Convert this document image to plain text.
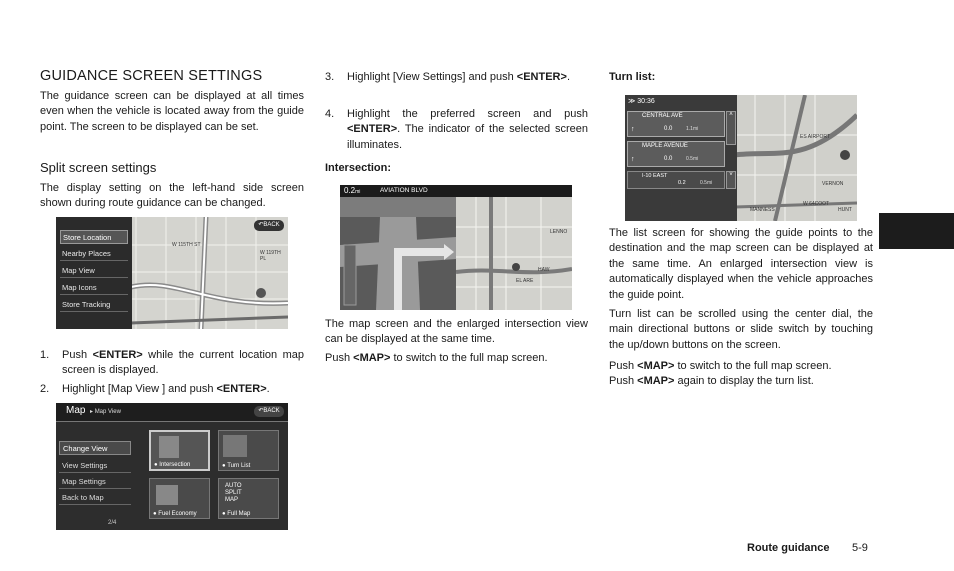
GUIDANCE SCREEN SETTINGS
The guidance screen can be displayed at all times even when the vehicle is located away from the guide point. The screen to be displayed can be set.
Split screen settings
The display setting on the left-hand side screen shown during route guidance can be changed.
Store Location
Nearby Places
Map View
Map Icons
Store Tracking
↶BACK
W 115TH ST
W 119TH PL
1. Push <ENTER> while the current location map screen is displayed.
2. Highlight [Map View ] and push <ENTER>.
Map ▸ Map View	↶BACK
Change View
View Settings
Map Settings
Back to Map
2/4
● Intersection	● Turn List
● Fuel Economy
AUTO
SPLIT
MAP
● Full Map
3. Highlight [View Settings] and push <ENTER>.
4. Highlight the preferred screen and push <ENTER>. The indicator of the selected screen illuminates.
Intersection:
0.2mi	AVIATION BLVD
LENNO
HAW
EL ARE
The map screen and the enlarged intersection view can be displayed at the same time.
Push <MAP> to switch to the full map screen.
Turn list:
≫ 30:36
CENTRAL AVE
↑	0.0	1.1mi
MAPLE AVENUE
↑	0.0	0.5mi
I-10 EAST
0.2	0.5mi
˄
˅
ES AIRPORT
VERNON
MANNESS
W 64COOT
HUNT
The list screen for showing the guide points to the destination and the map screen can be displayed at the same time. An enlarged intersection view is automatically displayed when the vehicle approaches the guide point.
Turn list can be scrolled using the center dial, the main directional buttons or slide switch by touching the up/down buttons on the screen.
Push <MAP> to switch to the full map screen.
Push <MAP> again to display the turn list.
Route guidance 5-9
